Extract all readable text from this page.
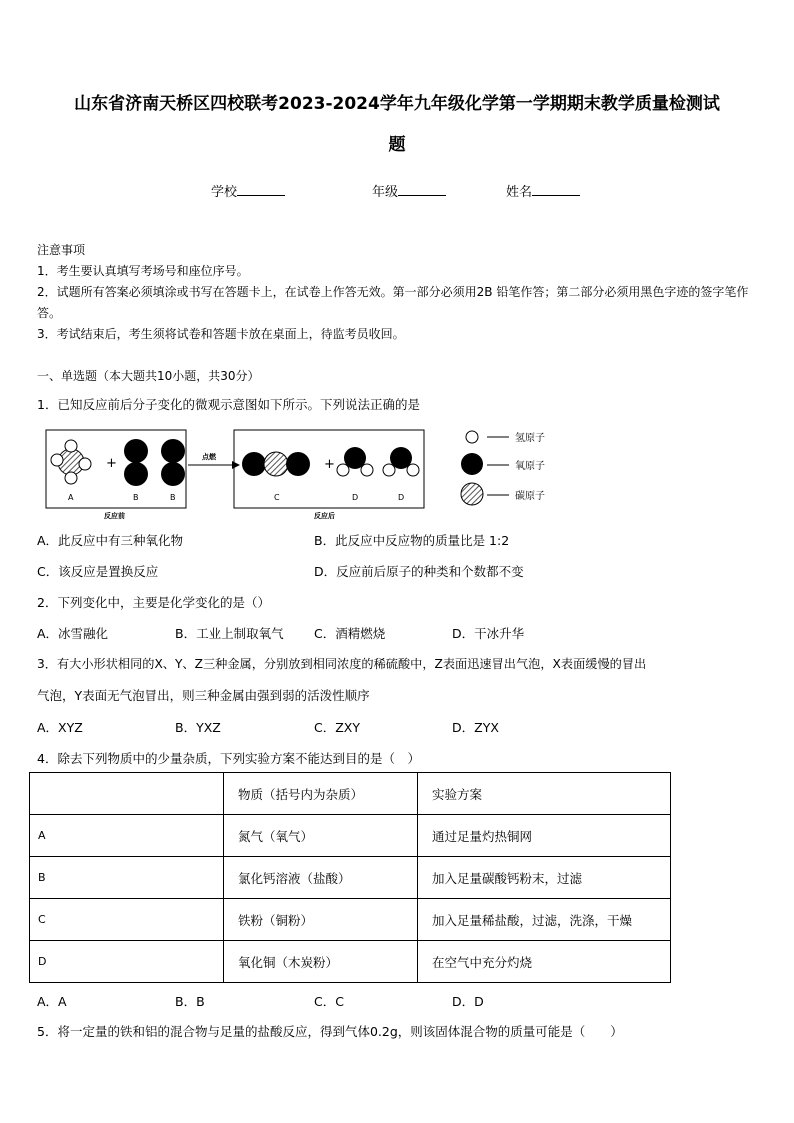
山东省济南天桥区四校联考2023-2024学年九年级化学第一学期期末教学质量检测试
题
学校	年级	姓名
注意事项
1．考生要认真填写考场号和座位序号。
2．试题所有答案必须填涂或书写在答题卡上，在试卷上作答无效。第一部分必须用2B 铅笔作答；第二部分必须用黑色字迹的签字笔作答。
3．考试结束后，考生须将试卷和答题卡放在桌面上，待监考员收回。
一、单选题（本大题共10小题，共30分）
1．已知反应前后分子变化的微观示意图如下所示。下列说法正确的是
+
A	B	B
反应前
点燃	+
C	D	D
反应后
氢原子
氧原子
碳原子
A．此反应中有三种氧化物	B．此反应中反应物的质量比是 1:2
C．该反应是置换反应	D．反应前后原子的种类和个数都不变
2．下列变化中，主要是化学变化的是（）
A．冰雪融化	B．工业上制取氧气 C．酒精燃烧	D．干冰升华
3．有大小形状相同的X、Y、Z三种金属，分别放到相同浓度的稀硫酸中，Z表面迅速冒出气泡，X表面缓慢的冒出
气泡，Y表面无气泡冒出，则三种金属由强到弱的活泼性顺序
A．XYZ	B．YXZ	C．ZXY	D．ZYX
4．除去下列物质中的少量杂质，下列实验方案不能达到目的是（　）
	物质（括号内为杂质）	实验方案
A	氮气（氧气）	通过足量灼热铜网
B	氯化钙溶液（盐酸）	加入足量碳酸钙粉末，过滤
C	铁粉（铜粉）	加入足量稀盐酸，过滤，洗涤，干燥
D	氧化铜（木炭粉）	在空气中充分灼烧
A．A	B．B	C．C	D．D
5．将一定量的铁和铝的混合物与足量的盐酸反应，得到气体0.2g，则该固体混合物的质量可能是（　　）
